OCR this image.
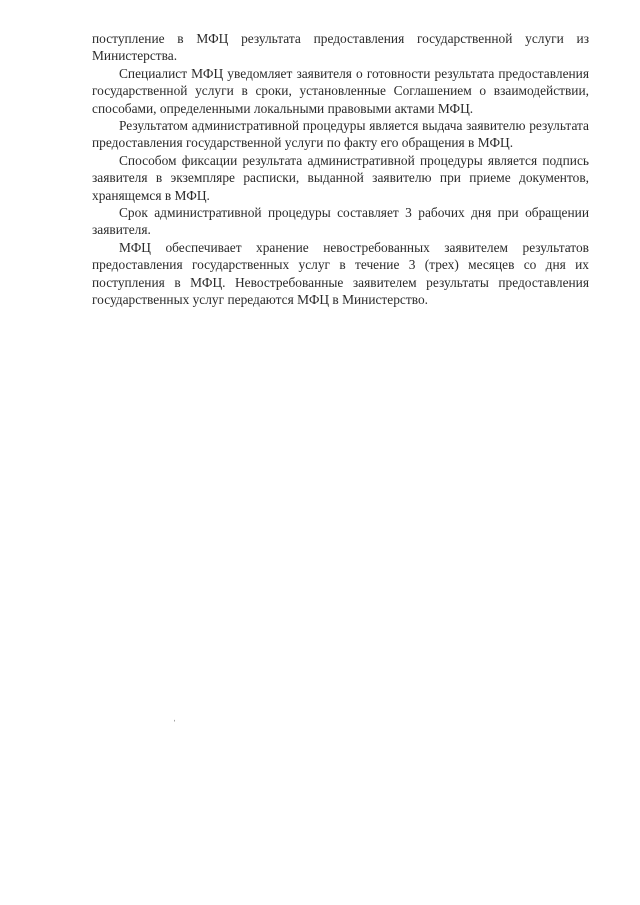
поступление в МФЦ результата предоставления государственной услуги из Министерства.

Специалист МФЦ уведомляет заявителя о готовности результата предоставления государственной услуги в сроки, установленные Соглашением о взаимодействии, способами, определенными локальными правовыми актами МФЦ.

Результатом административной процедуры является выдача заявителю результата предоставления государственной услуги по факту его обращения в МФЦ.

Способом фиксации результата административной процедуры является подпись заявителя в экземпляре расписки, выданной заявителю при приеме документов, хранящемся в МФЦ.

Срок административной процедуры составляет 3 рабочих дня при обращении заявителя.

МФЦ обеспечивает хранение невостребованных заявителем результатов предоставления государственных услуг в течение 3 (трех) месяцев со дня их поступления в МФЦ. Невостребованные заявителем результаты предоставления государственных услуг передаются МФЦ в Министерство.

ˌ
